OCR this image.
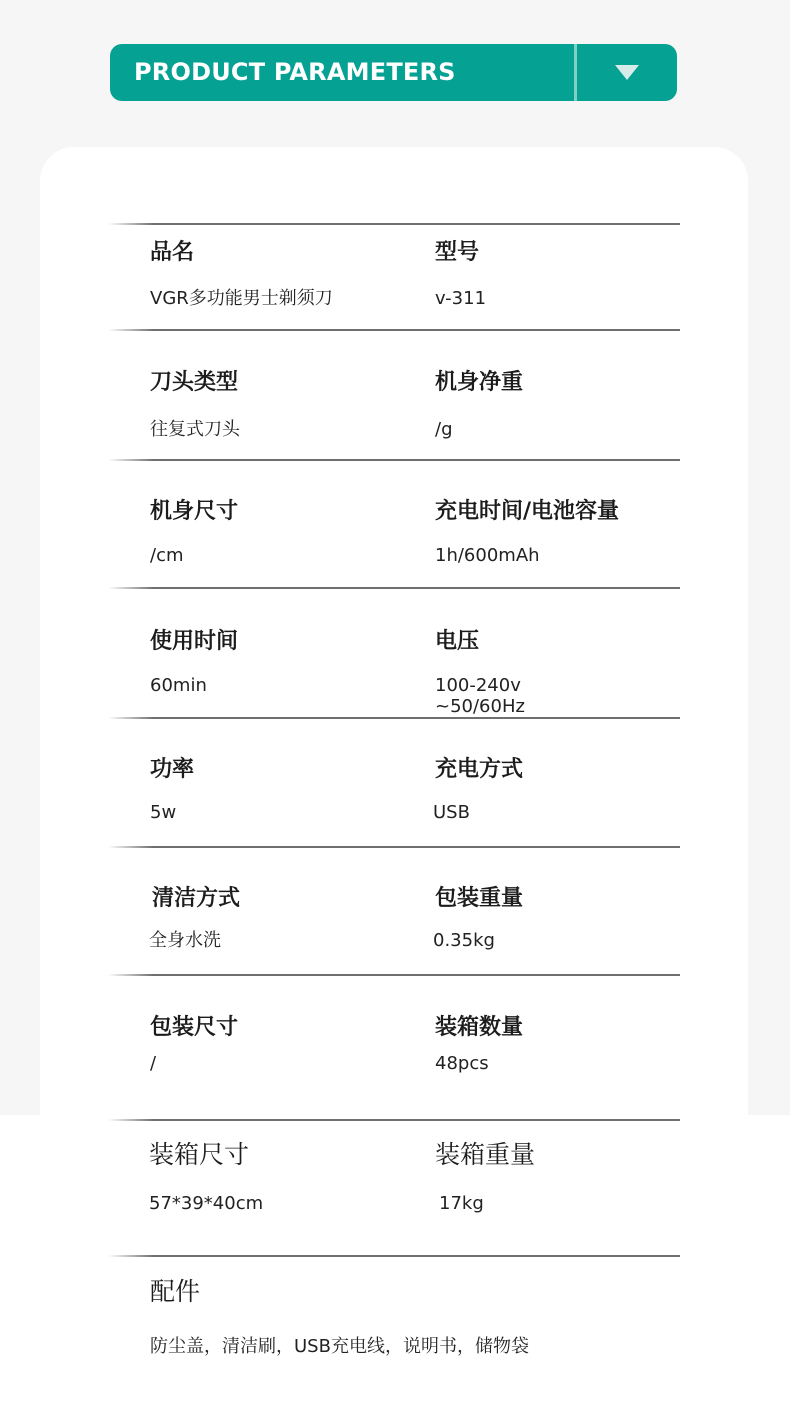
PRODUCT PARAMETERS
品名
VGR多功能男士剃须刀
型号
v-311
刀头类型
往复式刀头
机身净重
/g
机身尺寸
/cm
充电时间/电池容量
1h/600mAh
使用时间
60min
电压
100-240v
~50/60Hz
功率
5w
充电方式
USB
清洁方式
全身水洗
包装重量
0.35kg
包装尺寸
/
装箱数量
48pcs
装箱尺寸
57*39*40cm
装箱重量
17kg
配件
防尘盖，清洁刷，USB充电线，说明书，储物袋
